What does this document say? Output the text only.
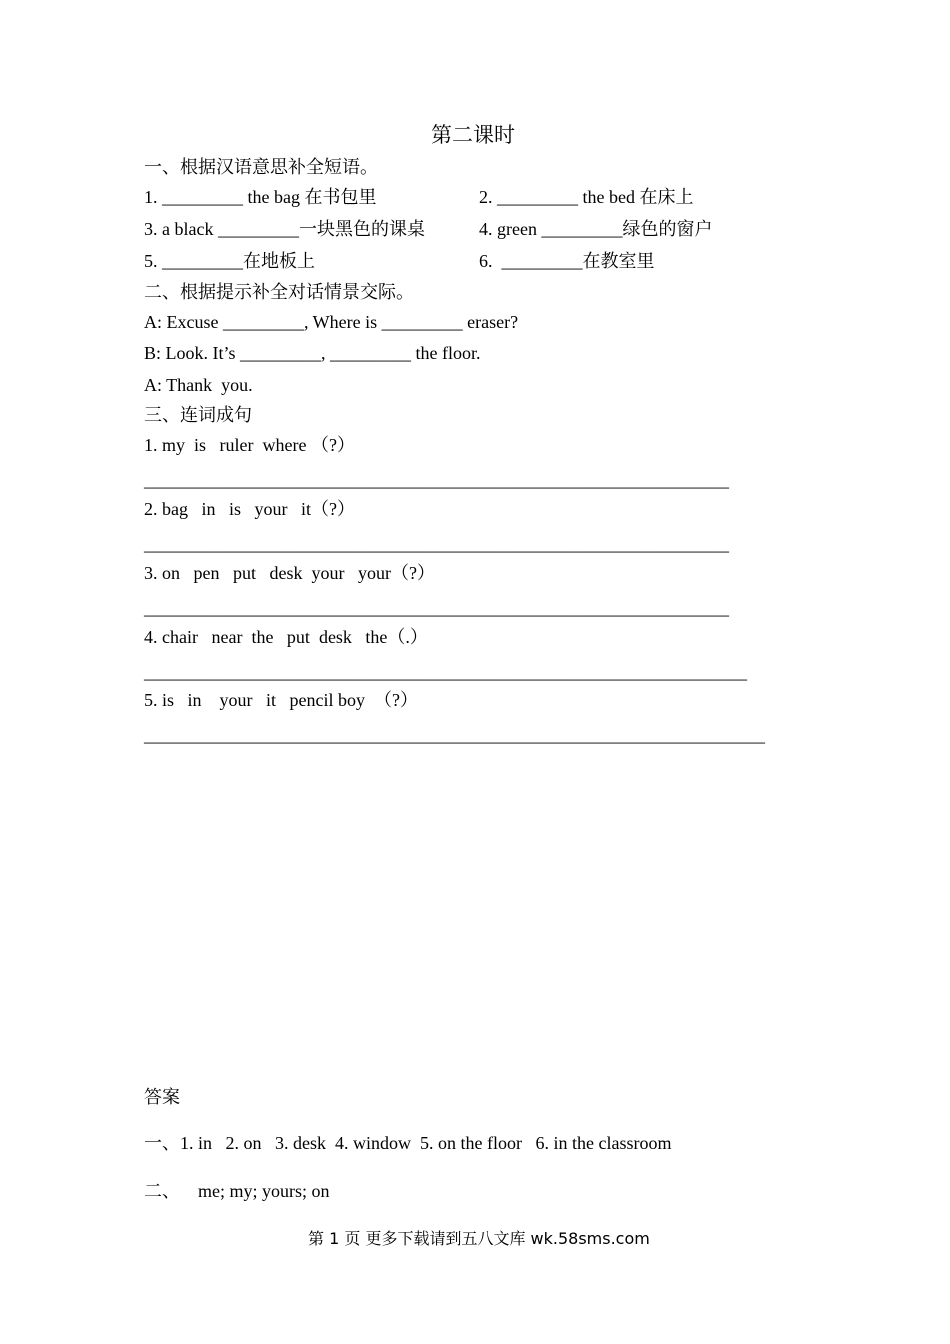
第二课时
一、根据汉语意思补全短语。
1. _________ the bag 在书包里	2. _________ the bed 在床上
3. a black _________一块黑色的课桌	4. green _________绿色的窗户
5. _________在地板上	6.  _________在教室里
二、根据提示补全对话情景交际。
A: Excuse _________, Where is _________ eraser?
B: Look. It’s _________, _________ the floor.
A: Thank  you.
三、连词成句
1. my  is   ruler  where （?）
_________________________________________________________________
2. bag   in   is   your   it（?）
_________________________________________________________________
3. on   pen   put   desk  your   your（?）
_________________________________________________________________
4. chair   near  the   put  desk   the（.）
___________________________________________________________________
5. is   in    your   it   pencil boy  （?）
_____________________________________________________________________
答案
一、1. in   2. on   3. desk  4. window  5. on the floor   6. in the classroom
二、    me; my; yours; on
第 1 页 更多下载请到五八文库 wk.58sms.com
